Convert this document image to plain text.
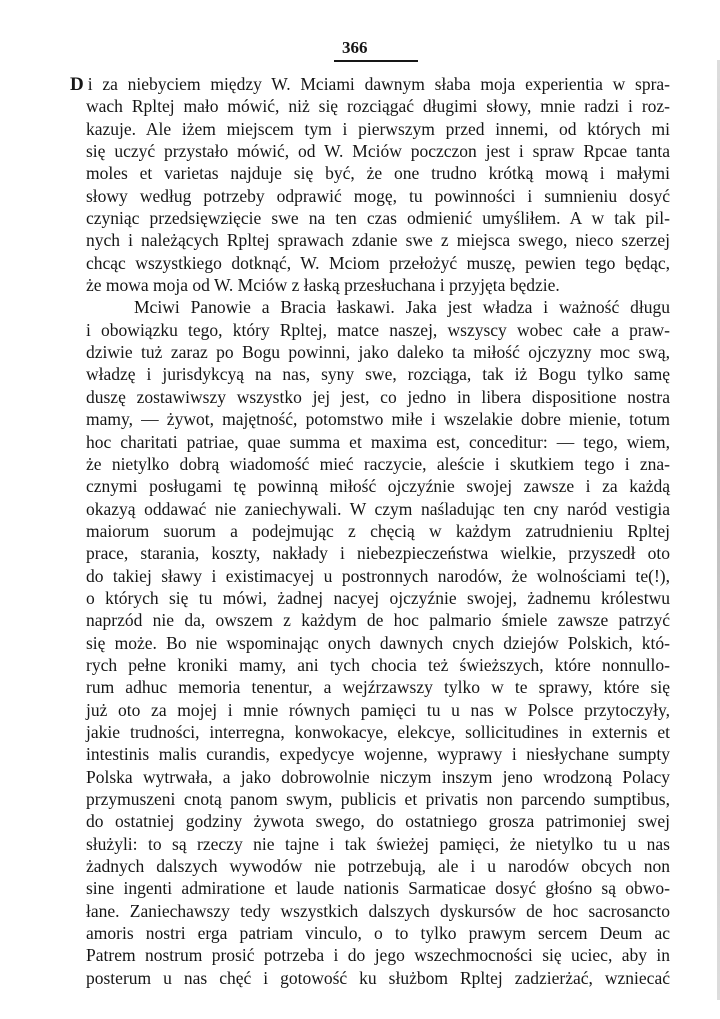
366
D i za niebyciem między W. Mciami dawnym słaba moja experientia w spra-
wach Rpltej mało mówić, niż się rozciągać długimi słowy, mnie radzi i roz-
kazuje. Ale iżem miejscem tym i pierwszym przed innemi, od których mi
się uczyć przystało mówić, od W. Mciów poczczon jest i spraw Rpcae tanta
moles et varietas najduje się być, że one trudno krótką mową i małymi
słowy według potrzeby odprawić mogę, tu powinności i sumnieniu dosyć
czyniąc przedsięwzięcie swe na ten czas odmienić umyśliłem. A w tak pil-
nych i należących Rpltej sprawach zdanie swe z miejsca swego, nieco szerzej
chcąc wszystkiego dotknąć, W. Mciom przełożyć muszę, pewien tego będąc,
że mowa moja od W. Mciów z łaską przesłuchana i przyjęta będzie.
Mciwi Panowie a Bracia łaskawi. Jaka jest władza i ważność długu
i obowiązku tego, który Rpltej, matce naszej, wszyscy wobec całe a praw-
dziwie tuż zaraz po Bogu powinni, jako daleko ta miłość ojczyzny moc swą,
władzę i jurisdykcyą na nas, syny swe, rozciąga, tak iż Bogu tylko samę
duszę zostawiwszy wszystko jej jest, co jedno in libera dispositione nostra
mamy, — żywot, majętność, potomstwo miłe i wszelakie dobre mienie, totum
hoc charitati patriae, quae summa et maxima est, conceditur: — tego, wiem,
że nietylko dobrą wiadomość mieć raczycie, aleście i skutkiem tego i zna-
cznymi posługami tę powinną miłość ojczyźnie swojej zawsze i za każdą
okazyą oddawać nie zaniechywali. W czym naśladując ten cny naród vestigia
maiorum suorum a podejmując z chęcią w każdym zatrudnieniu Rpltej
prace, starania, koszty, nakłady i niebezpieczeństwa wielkie, przyszedł oto
do takiej sławy i existimacyej u postronnych narodów, że wolnościami te(!),
o których się tu mówi, żadnej nacyej ojczyźnie swojej, żadnemu królestwu
naprzód nie da, owszem z każdym de hoc palmario śmiele zawsze patrzyć
się może. Bo nie wspominając onych dawnych cnych dziejów Polskich, któ-
rych pełne kroniki mamy, ani tych chocia też świeższych, które nonnullo-
rum adhuc memoria tenentur, a wejźrzawszy tylko w te sprawy, które się
już oto za mojej i mnie równych pamięci tu u nas w Polsce przytoczyły,
jakie trudności, interregna, konwokacye, elekcye, sollicitudines in externis et
intestinis malis curandis, expedycye wojenne, wyprawy i niesłychane sumpty
Polska wytrwała, a jako dobrowolnie niczym inszym jeno wrodzoną Polacy
przymuszeni cnotą panom swym, publicis et privatis non parcendo sumptibus,
do ostatniej godziny żywota swego, do ostatniego grosza patrimoniej swej
służyli: to są rzeczy nie tajne i tak świeżej pamięci, że nietylko tu u nas
żadnych dalszych wywodów nie potrzebują, ale i u narodów obcych non
sine ingenti admiratione et laude nationis Sarmaticae dosyć głośno są obwo-
łane. Zaniechawszy tedy wszystkich dalszych dyskursów de hoc sacrosancto
amoris nostri erga patriam vinculo, o to tylko prawym sercem Deum ac
Patrem nostrum prosić potrzeba i do jego wszechmocności się uciec, aby in
posterum u nas chęć i gotowość ku służbom Rpltej zadzierżać, wzniecać
